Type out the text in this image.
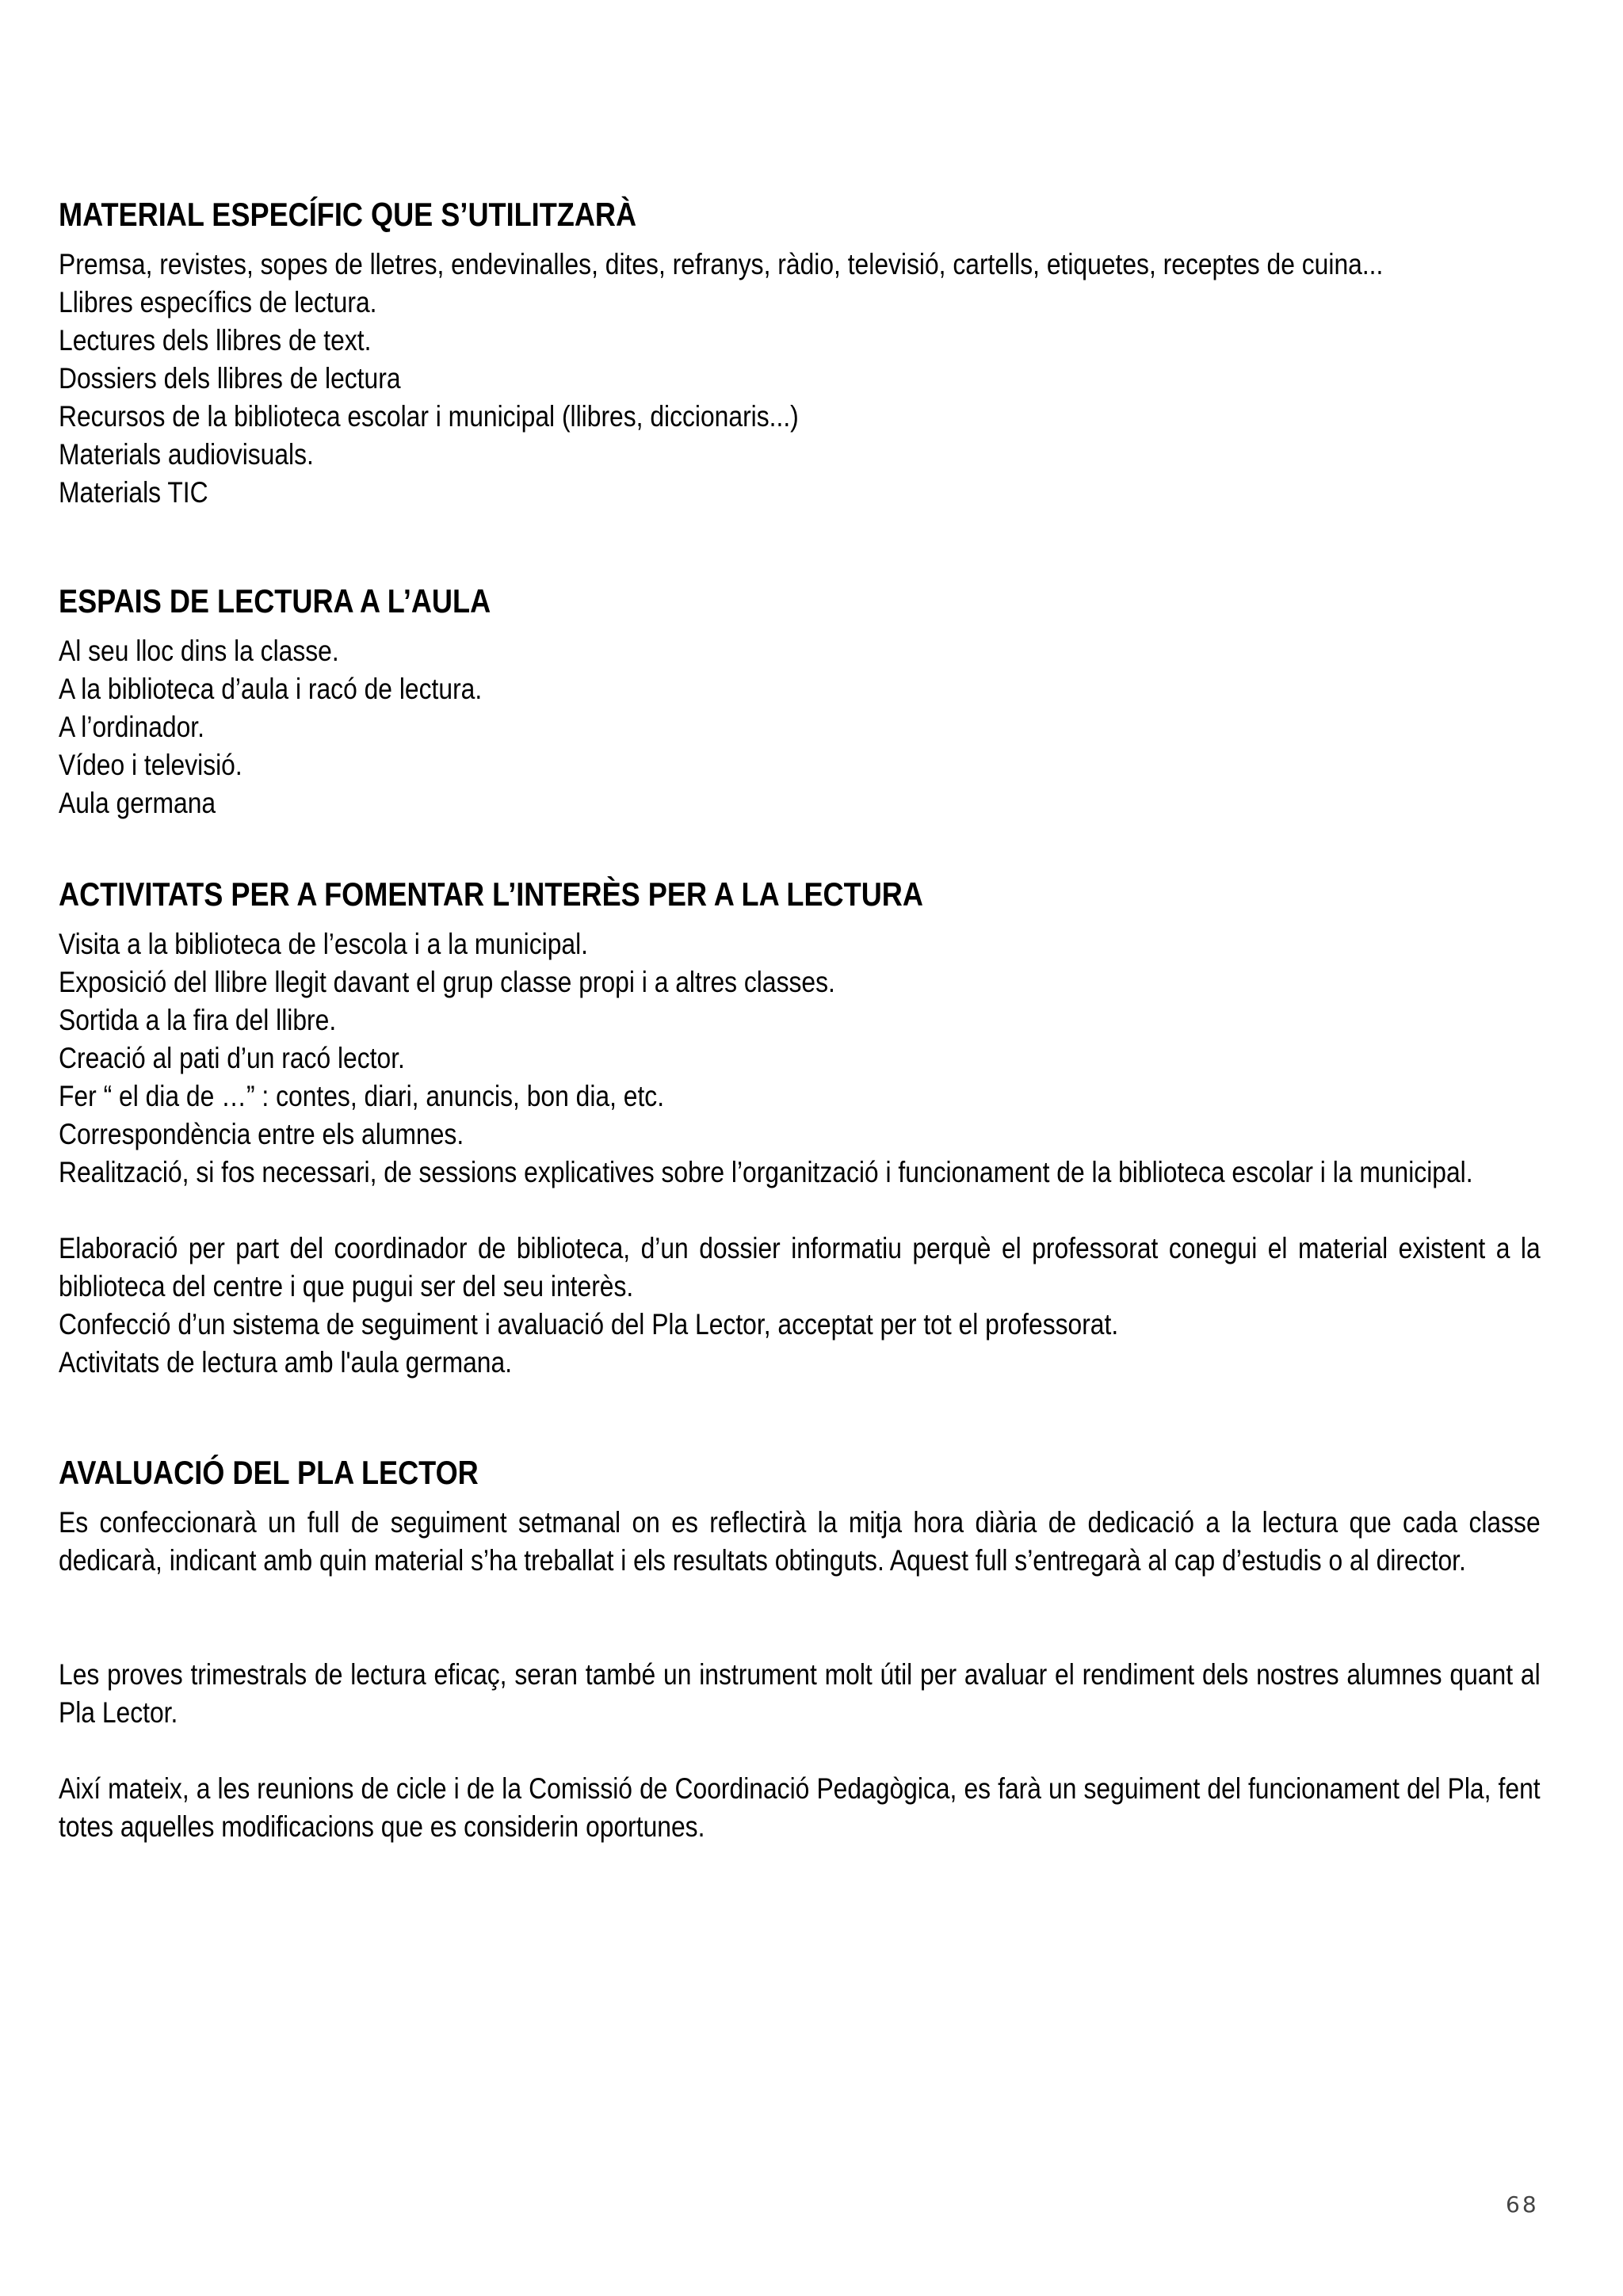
MATERIAL ESPECÍFIC QUE S’UTILITZARÀ
Premsa, revistes, sopes de lletres, endevinalles, dites, refranys, ràdio, televisió, cartells, etiquetes, receptes de cuina...
Llibres específics de lectura.
Lectures dels llibres de text.
Dossiers dels llibres de lectura
Recursos de la biblioteca escolar i municipal (llibres, diccionaris...)
Materials audiovisuals.
Materials TIC
ESPAIS DE LECTURA A L’AULA
Al seu lloc dins la classe.
A la biblioteca d’aula i racó de lectura.
A l’ordinador.
Vídeo i televisió.
Aula germana
ACTIVITATS PER A FOMENTAR L’INTERÈS PER A LA LECTURA
Visita a la biblioteca de l’escola i a la municipal.
Exposició del llibre llegit davant el grup classe propi i a altres classes.
Sortida a la fira del llibre.
Creació al pati d’un racó lector.
Fer “ el dia de …” : contes, diari, anuncis, bon dia, etc.
Correspondència entre els alumnes.
Realització, si fos necessari, de sessions explicatives sobre l’organització i funcionament de la biblioteca escolar i la municipal.
Elaboració per part del coordinador de biblioteca, d’un dossier informatiu perquè el professorat conegui el material existent a la biblioteca del centre i que pugui ser del seu interès.
Confecció d’un sistema de seguiment i avaluació del Pla Lector, acceptat per tot el professorat.
Activitats de lectura amb l'aula germana.
AVALUACIÓ DEL PLA LECTOR
Es confeccionarà un full de seguiment setmanal on es reflectirà la mitja hora diària de dedicació a la lectura que cada classe dedicarà, indicant amb quin material s’ha treballat i els resultats obtinguts. Aquest full s’entregarà al cap d’estudis o al director.
Les proves trimestrals de lectura eficaç, seran també un instrument molt útil per avaluar el rendiment dels nostres alumnes quant al Pla Lector.
Així mateix, a les reunions de cicle i de la Comissió de Coordinació Pedagògica, es farà un seguiment del funcionament del Pla, fent totes aquelles modificacions que es considerin oportunes.
68
